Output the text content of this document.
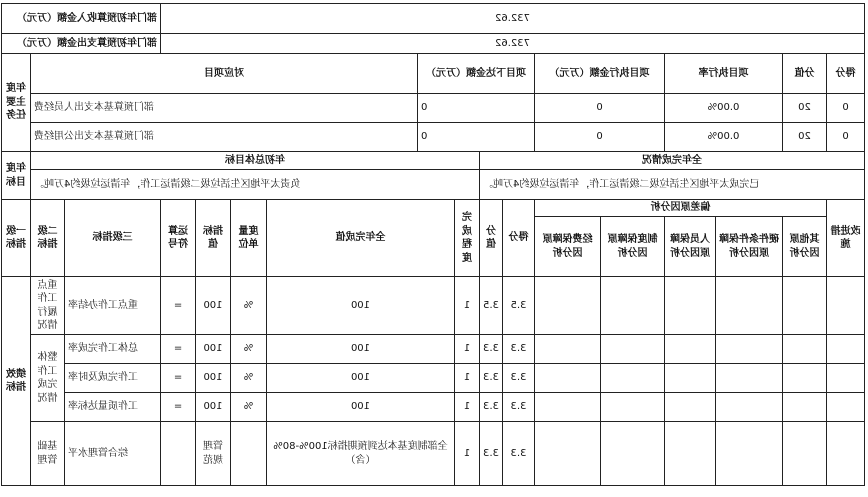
732.62														部门年初预算收入金额（万元）			
732.62														部门年初预算支出金额（万元）			
得分	分值	项目执行率		项目执行金额（万元）		项目下达金额（万元）				对应项目						年度主要任务	
0	20	0.00%		0		0				部门预算基本支出人员经费							
0	20	0.00%		0		0				部门预算基本支出公用经费							
全年完成情况								年初总体目标								年度目标	
已完成太平地区生活垃圾二级清运工作，年清运垃圾约4万吨。								负责太平地区生活垃圾二级清运工作，年清运垃圾约4万吨。									
改进措施	偏差原因分析					得分	分值	完成程度	全年完成值		度量单位	指标值	运算符号	三级指标	二级指标	一级指标	
	其他原因分析	硬件条件保障原因分析	人员保障原因分析	制度保障原因分析	经费保障原因分析												
						3.5	3.5	1	100		%	100	=	重点工作办结率	重点工作履行情况	绩效指标	
						3.3	3.3	1	100		%	100	=	总体工作完成率	整体工作完成情况	
						3.3	3.3	1	100		%	100	=	工作完成及时率			
						3.3	3.3	1	100		%	100	=	工作质量达标率			
						3.3	3.3	1	全部制度基本达到预期指标100%-80%（含）			管理规范		综合管理水平	基础管理		
